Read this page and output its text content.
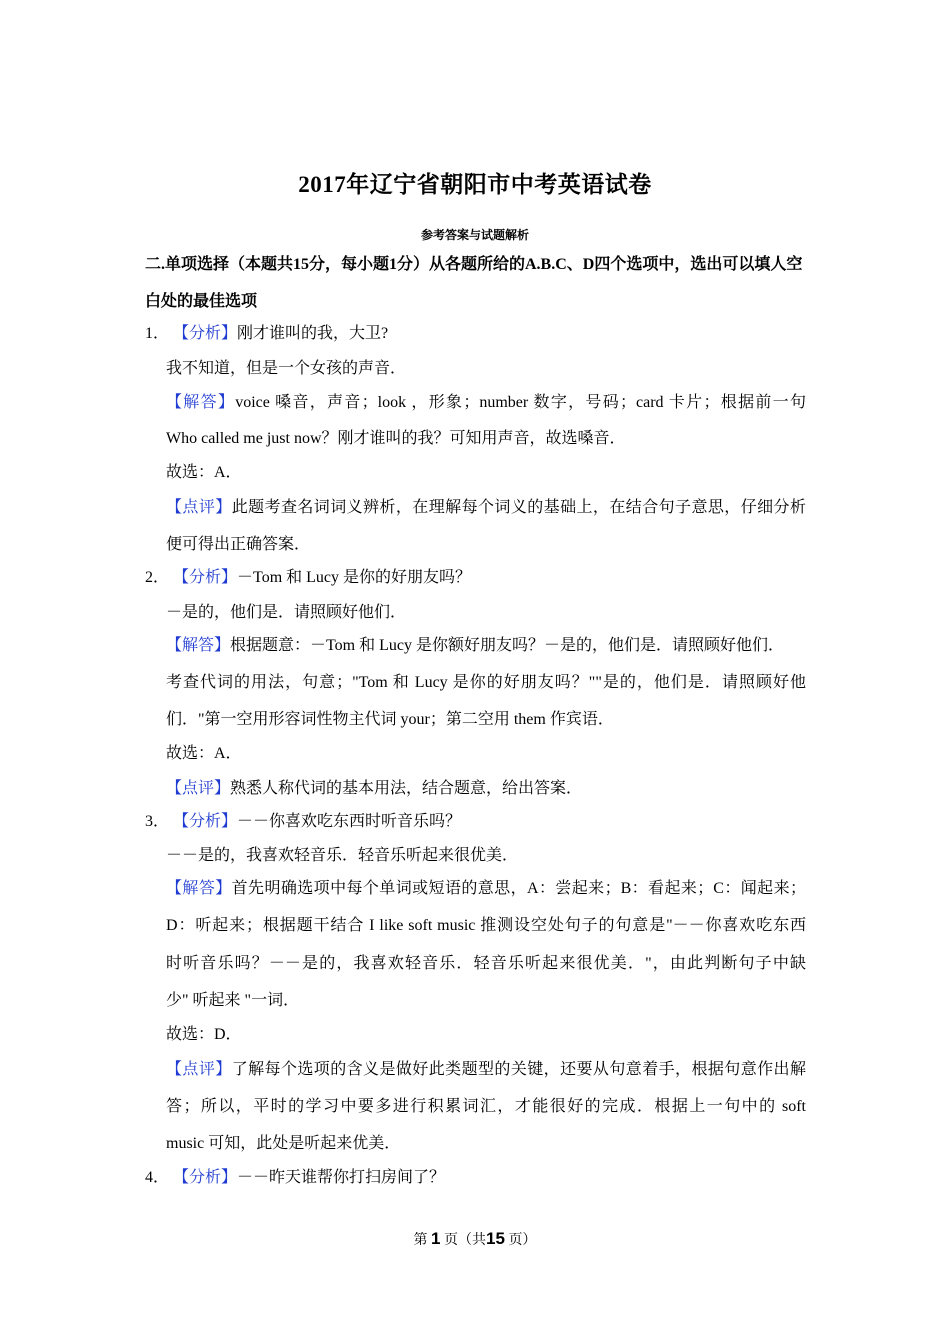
2017年辽宁省朝阳市中考英语试卷
参考答案与试题解析
二.单项选择（本题共15分，每小题1分）从各题所给的A.B.C、D四个选项中，选出可以填人空白处的最佳选项
1． 【分析】刚才谁叫的我，大卫?
我不知道，但是一个女孩的声音．
【解答】voice 嗓音，声音；look ，形象；number 数字，号码；card 卡片；根据前一句
Who called me just now？刚才谁叫的我？可知用声音，故选嗓音．
故选：A．
【点评】此题考查名词词义辨析，在理解每个词义的基础上，在结合句子意思，仔细分析
便可得出正确答案．
2． 【分析】－Tom 和 Lucy 是你的好朋友吗？
－是的，他们是．请照顾好他们．
【解答】根据题意：－Tom 和 Lucy 是你额好朋友吗？－是的，他们是．请照顾好他们．
考查代词的用法，句意；"Tom 和 Lucy 是你的好朋友吗？""是的，他们是．请照顾好他
们．"第一空用形容词性物主代词 your；第二空用 them 作宾语．
故选：A．
【点评】熟悉人称代词的基本用法，结合题意，给出答案．
3． 【分析】－－你喜欢吃东西时听音乐吗？
－－是的，我喜欢轻音乐．轻音乐听起来很优美．
【解答】首先明确选项中每个单词或短语的意思，A：尝起来；B：看起来；C：闻起来；
D：听起来；根据题干结合 I like soft music 推测设空处句子的句意是"－－你喜欢吃东西
时听音乐吗？－－是的，我喜欢轻音乐．轻音乐听起来很优美．"，由此判断句子中缺
少" 听起来 "一词．
故选：D．
【点评】了解每个选项的含义是做好此类题型的关键，还要从句意着手，根据句意作出解
答；所以，平时的学习中要多进行积累词汇，才能很好的完成．根据上一句中的 soft
music 可知，此处是听起来优美．
4． 【分析】－－昨天谁帮你打扫房间了？
第 1 页（共15 页）
